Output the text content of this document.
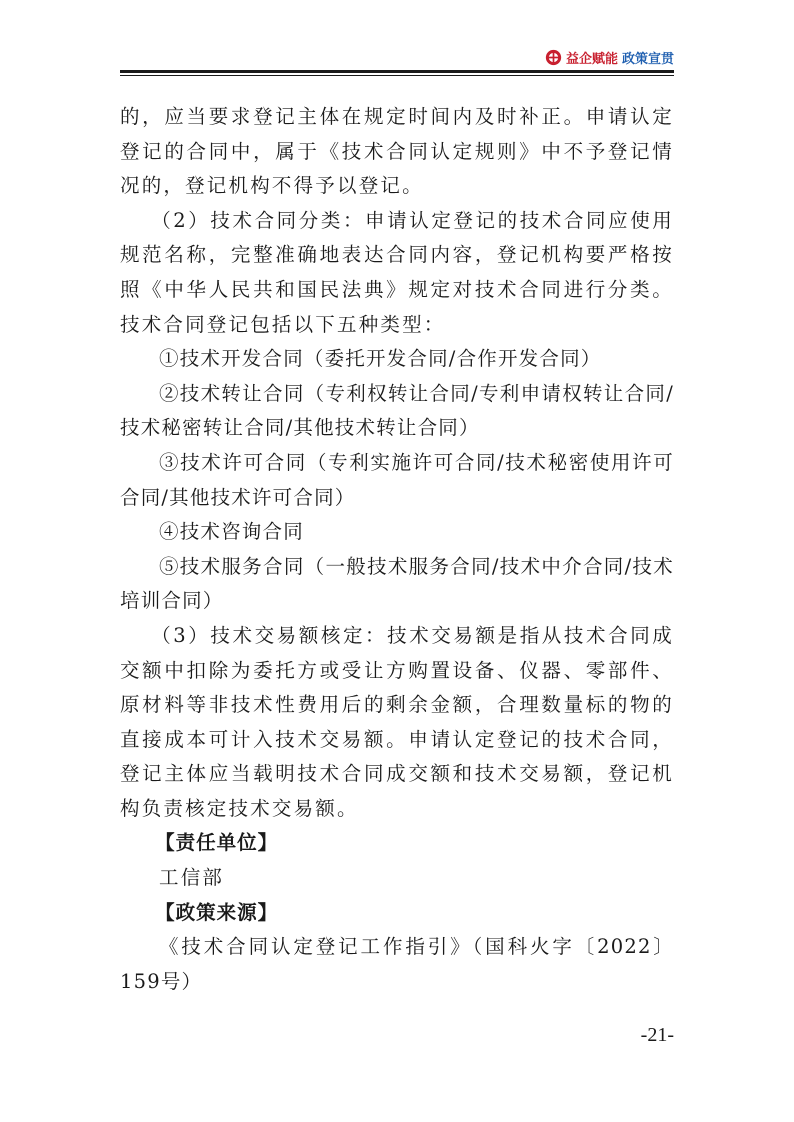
益企赋能 政策宣贯

的，应当要求登记主体在规定时间内及时补正。申请认定登记的合同中，属于《技术合同认定规则》中不予登记情况的，登记机构不得予以登记。

（2）技术合同分类：申请认定登记的技术合同应使用规范名称，完整准确地表达合同内容，登记机构要严格按照《中华人民共和国民法典》规定对技术合同进行分类。技术合同登记包括以下五种类型：

①技术开发合同（委托开发合同/合作开发合同）

②技术转让合同（专利权转让合同/专利申请权转让合同/技术秘密转让合同/其他技术转让合同）

③技术许可合同（专利实施许可合同/技术秘密使用许可合同/其他技术许可合同）

④技术咨询合同

⑤技术服务合同（一般技术服务合同/技术中介合同/技术培训合同）

（3）技术交易额核定：技术交易额是指从技术合同成交额中扣除为委托方或受让方购置设备、仪器、零部件、原材料等非技术性费用后的剩余金额，合理数量标的物的直接成本可计入技术交易额。申请认定登记的技术合同，登记主体应当载明技术合同成交额和技术交易额，登记机构负责核定技术交易额。

【责任单位】

工信部

【政策来源】

《技术合同认定登记工作指引》（国科火字〔2022〕159号）

-21-
